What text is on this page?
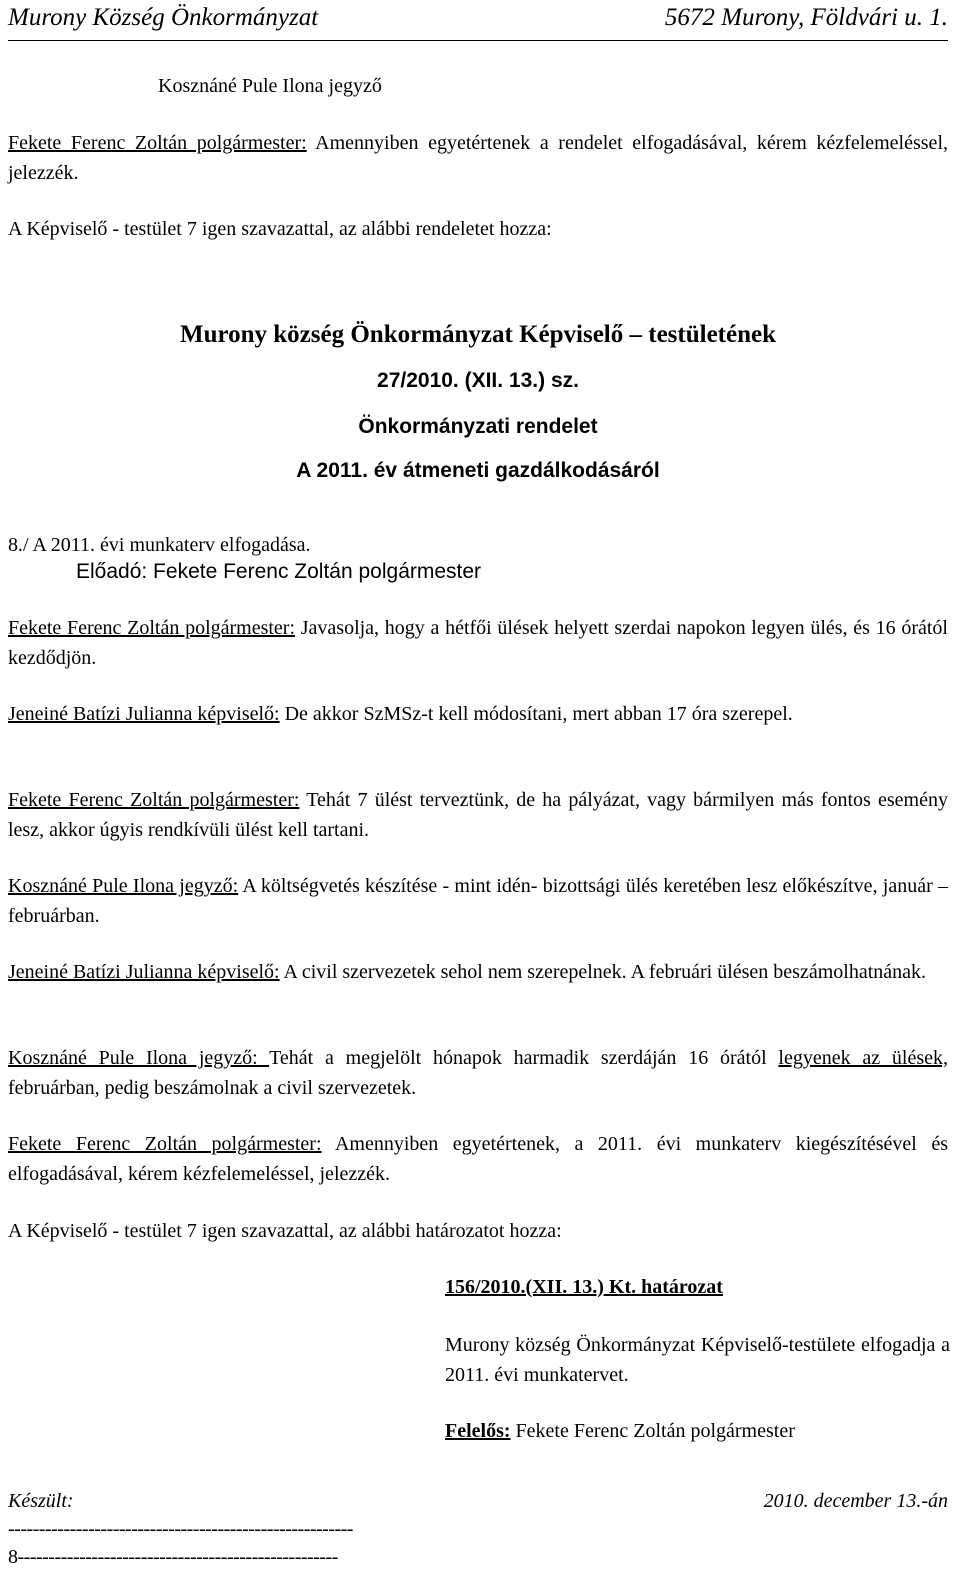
Murony Község Önkormányzat	5672 Murony, Földvári u. 1.
Kosznáné Pule Ilona jegyző
Fekete Ferenc Zoltán polgármester: Amennyiben egyetértenek a rendelet elfogadásával, kérem kézfelemeléssel, jelezzék.
A Képviselő - testület 7 igen szavazattal, az alábbi rendeletet hozza:
Murony község Önkormányzat Képviselő – testületének
27/2010. (XII. 13.) sz.
Önkormányzati rendelet
A 2011. év átmeneti gazdálkodásáról
8./ A 2011. évi munkaterv elfogadása.
Előadó: Fekete Ferenc Zoltán polgármester
Fekete Ferenc Zoltán polgármester: Javasolja, hogy a hétfői ülések helyett szerdai napokon legyen ülés, és 16 órától kezdődjön.
Jeneiné Batízi Julianna képviselő: De akkor SzMSz-t kell módosítani, mert abban 17 óra szerepel.
Fekete Ferenc Zoltán polgármester: Tehát 7 ülést terveztünk, de ha pályázat, vagy bármilyen más fontos esemény lesz, akkor úgyis rendkívüli ülést kell tartani.
Kosznáné Pule Ilona jegyző: A költségvetés készítése - mint idén- bizottsági ülés keretében lesz előkészítve, január –februárban.
Jeneiné Batízi Julianna képviselő: A civil szervezetek sehol nem szerepelnek. A februári ülésen beszámolhatnának.
Kosznáné Pule Ilona jegyző: Tehát a megjelölt hónapok harmadik szerdáján 16 órától legyenek az ülések, februárban, pedig beszámolnak a civil szervezetek.
Fekete Ferenc Zoltán polgármester: Amennyiben egyetértenek, a 2011. évi munkaterv kiegészítésével és elfogadásával, kérem kézfelemeléssel, jelezzék.
A Képviselő - testület 7 igen szavazattal, az alábbi határozatot hozza:
156/2010.(XII. 13.) Kt. határozat
Murony község Önkormányzat Képviselő-testülete elfogadja a 2011. évi munkatervet.
Felelős: Fekete Ferenc Zoltán polgármester
Készült:	2010. december 13.-án
--------------------------------------------------------
8----------------------------------------------------
